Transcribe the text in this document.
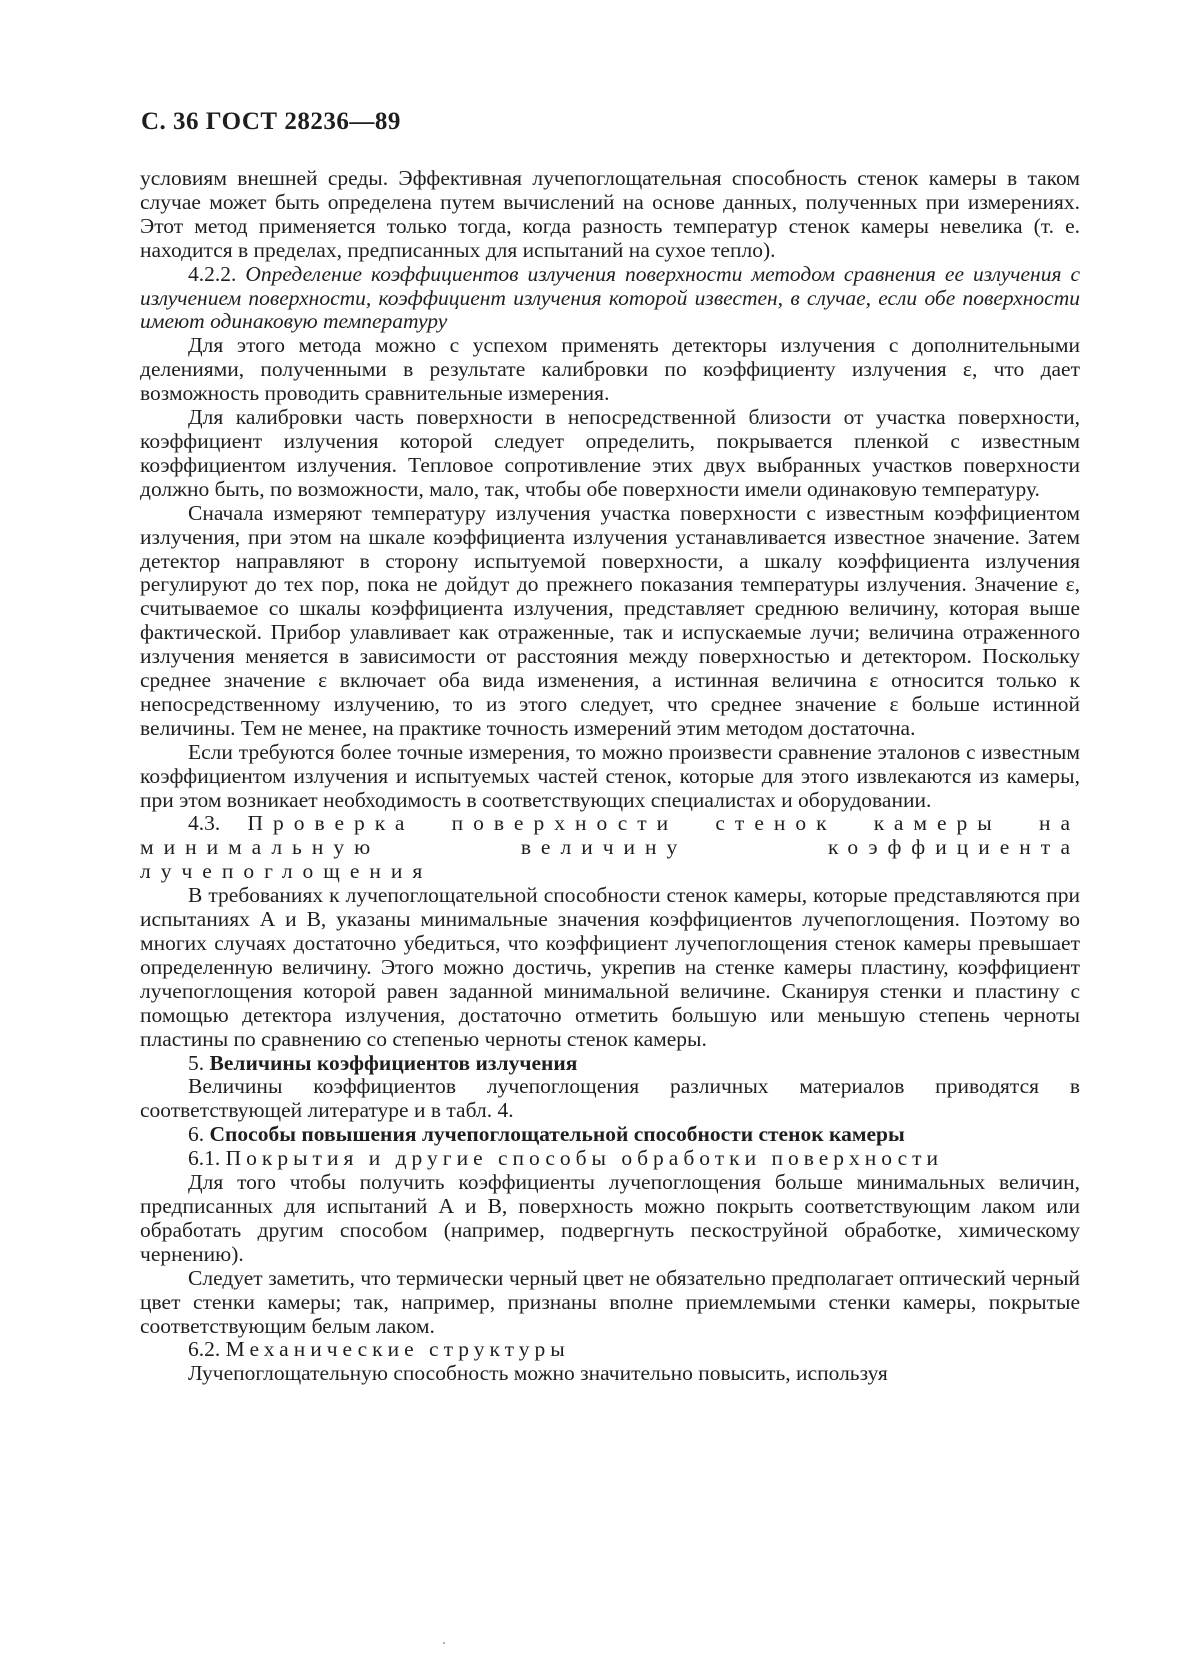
С. 36 ГОСТ 28236—89

условиям внешней среды. Эффективная лучепоглощательная способность стенок камеры в таком случае может быть определена путем вычислений на основе данных, полученных при измерениях. Этот метод применяется только тогда, когда разность температур стенок камеры невелика (т. е. находится в пределах, предписанных для испытаний на сухое тепло).

4.2.2. Определение коэффициентов излучения поверхности методом сравнения ее излучения с излучением поверхности, коэффициент излучения которой известен, в случае, если обе поверхности имеют одинаковую температуру

Для этого метода можно с успехом применять детекторы излучения с дополнительными делениями, полученными в результате калибровки по коэффициенту излучения ε, что дает возможность проводить сравнительные измерения.

Для калибровки часть поверхности в непосредственной близости от участка поверхности, коэффициент излучения которой следует определить, покрывается пленкой с известным коэффициентом излучения. Тепловое сопротивление этих двух выбранных участков поверхности должно быть, по возможности, мало, так, чтобы обе поверхности имели одинаковую температуру.

Сначала измеряют температуру излучения участка поверхности с известным коэффициентом излучения, при этом на шкале коэффициента излучения устанавливается известное значение. Затем детектор направляют в сторону испытуемой поверхности, а шкалу коэффициента излучения регулируют до тех пор, пока не дойдут до прежнего показания температуры излучения. Значение ε, считываемое со шкалы коэффициента излучения, представляет среднюю величину, которая выше фактической. Прибор улавливает как отраженные, так и испускаемые лучи; величина отраженного излучения меняется в зависимости от расстояния между поверхностью и детектором. Поскольку среднее значение ε включает оба вида изменения, а истинная величина ε относится только к непосредственному излучению, то из этого следует, что среднее значение ε больше истинной величины. Тем не менее, на практике точность измерений этим методом достаточна.

Если требуются более точные измерения, то можно произвести сравнение эталонов с известным коэффициентом излучения и испытуемых частей стенок, которые для этого извлекаются из камеры, при этом возникает необходимость в соответствующих специалистах и оборудовании.

4.3. Проверка поверхности стенок камеры на минимальную величину коэффициента лучепоглощения

В требованиях к лучепоглощательной способности стенок камеры, которые представляются при испытаниях А и В, указаны минимальные значения коэффициентов лучепоглощения. Поэтому во многих случаях достаточно убедиться, что коэффициент лучепоглощения стенок камеры превышает определенную величину. Этого можно достичь, укрепив на стенке камеры пластину, коэффициент лучепоглощения которой равен заданной минимальной величине. Сканируя стенки и пластину с помощью детектора излучения, достаточно отметить большую или меньшую степень черноты пластины по сравнению со степенью черноты стенок камеры.

5. Величины коэффициентов излучения

Величины коэффициентов лучепоглощения различных материалов приводятся в соответствующей литературе и в табл. 4.

6. Способы повышения лучепоглощательной способности стенок камеры

6.1. Покрытия и другие способы обработки поверхности

Для того чтобы получить коэффициенты лучепоглощения больше минимальных величин, предписанных для испытаний А и В, поверхность можно покрыть соответствующим лаком или обработать другим способом (например, подвергнуть пескоструйной обработке, химическому чернению).

Следует заметить, что термически черный цвет не обязательно предполагает оптический черный цвет стенки камеры; так, например, признаны вполне приемлемыми стенки камеры, покрытые соответствующим белым лаком.

6.2. Механические структуры

Лучепоглощательную способность можно значительно повысить, используя
